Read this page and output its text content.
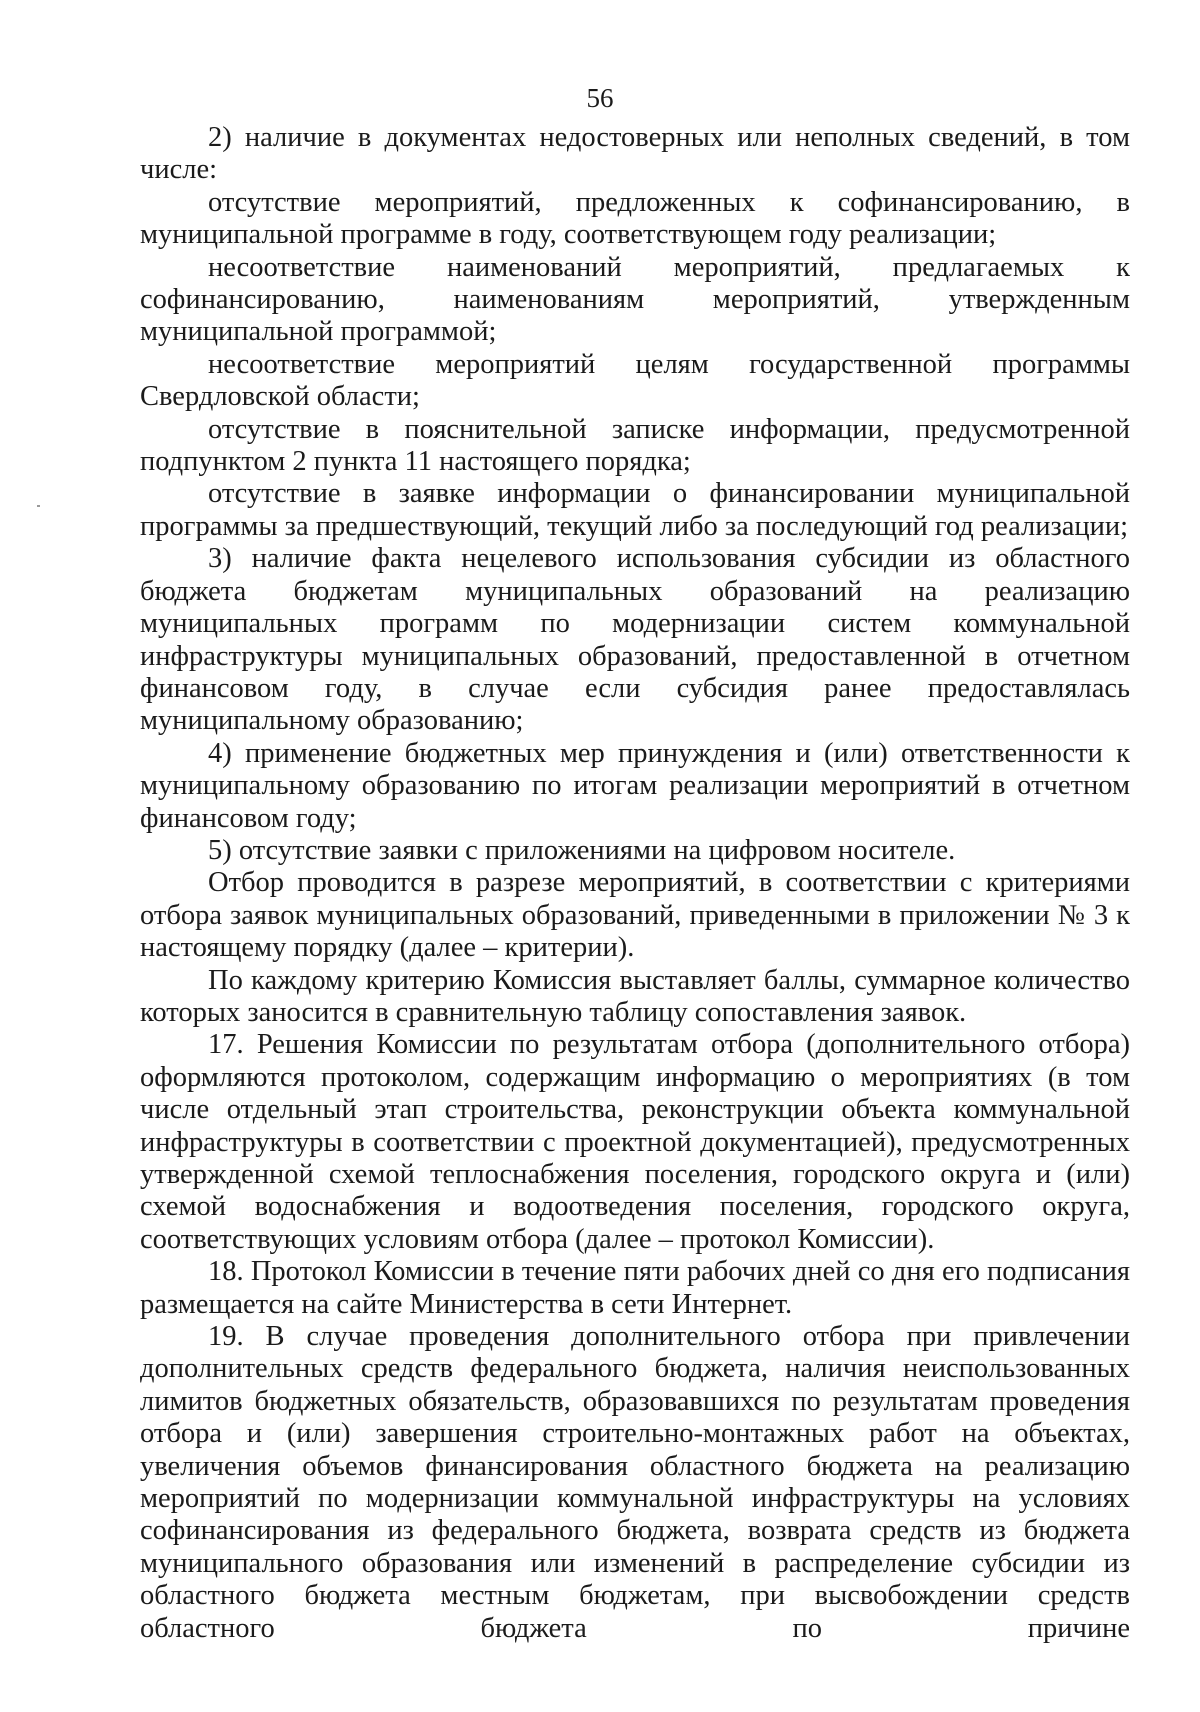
56

2) наличие в документах недостоверных или неполных сведений, в том числе:

отсутствие мероприятий, предложенных к софинансированию, в муниципальной программе в году, соответствующем году реализации;

несоответствие наименований мероприятий, предлагаемых к софинансированию, наименованиям мероприятий, утвержденным муниципальной программой;

несоответствие мероприятий целям государственной программы Свердловской области;

отсутствие в пояснительной записке информации, предусмотренной подпунктом 2 пункта 11 настоящего порядка;

отсутствие в заявке информации о финансировании муниципальной программы за предшествующий, текущий либо за последующий год реализации;

3) наличие факта нецелевого использования субсидии из областного бюджета бюджетам муниципальных образований на реализацию муниципальных программ по модернизации систем коммунальной инфраструктуры муниципальных образований, предоставленной в отчетном финансовом году, в случае если субсидия ранее предоставлялась муниципальному образованию;

4) применение бюджетных мер принуждения и (или) ответственности к муниципальному образованию по итогам реализации мероприятий в отчетном финансовом году;

5) отсутствие заявки с приложениями на цифровом носителе.

Отбор проводится в разрезе мероприятий, в соответствии с критериями отбора заявок муниципальных образований, приведенными в приложении № 3 к настоящему порядку (далее – критерии).

По каждому критерию Комиссия выставляет баллы, суммарное количество которых заносится в сравнительную таблицу сопоставления заявок.

17. Решения Комиссии по результатам отбора (дополнительного отбора) оформляются протоколом, содержащим информацию о мероприятиях (в том числе отдельный этап строительства, реконструкции объекта коммунальной инфраструктуры в соответствии с проектной документацией), предусмотренных утвержденной схемой теплоснабжения поселения, городского округа и (или) схемой водоснабжения и водоотведения поселения, городского округа, соответствующих условиям отбора (далее – протокол Комиссии).

18. Протокол Комиссии в течение пяти рабочих дней со дня его подписания размещается на сайте Министерства в сети Интернет.

19. В случае проведения дополнительного отбора при привлечении дополнительных средств федерального бюджета, наличия неиспользованных лимитов бюджетных обязательств, образовавшихся по результатам проведения отбора и (или) завершения строительно-монтажных работ на объектах, увеличения объемов финансирования областного бюджета на реализацию мероприятий по модернизации коммунальной инфраструктуры на условиях софинансирования из федерального бюджета, возврата средств из бюджета муниципального образования или изменений в распределение субсидии из областного бюджета местным бюджетам, при высвобождении средств областного бюджета по причине
